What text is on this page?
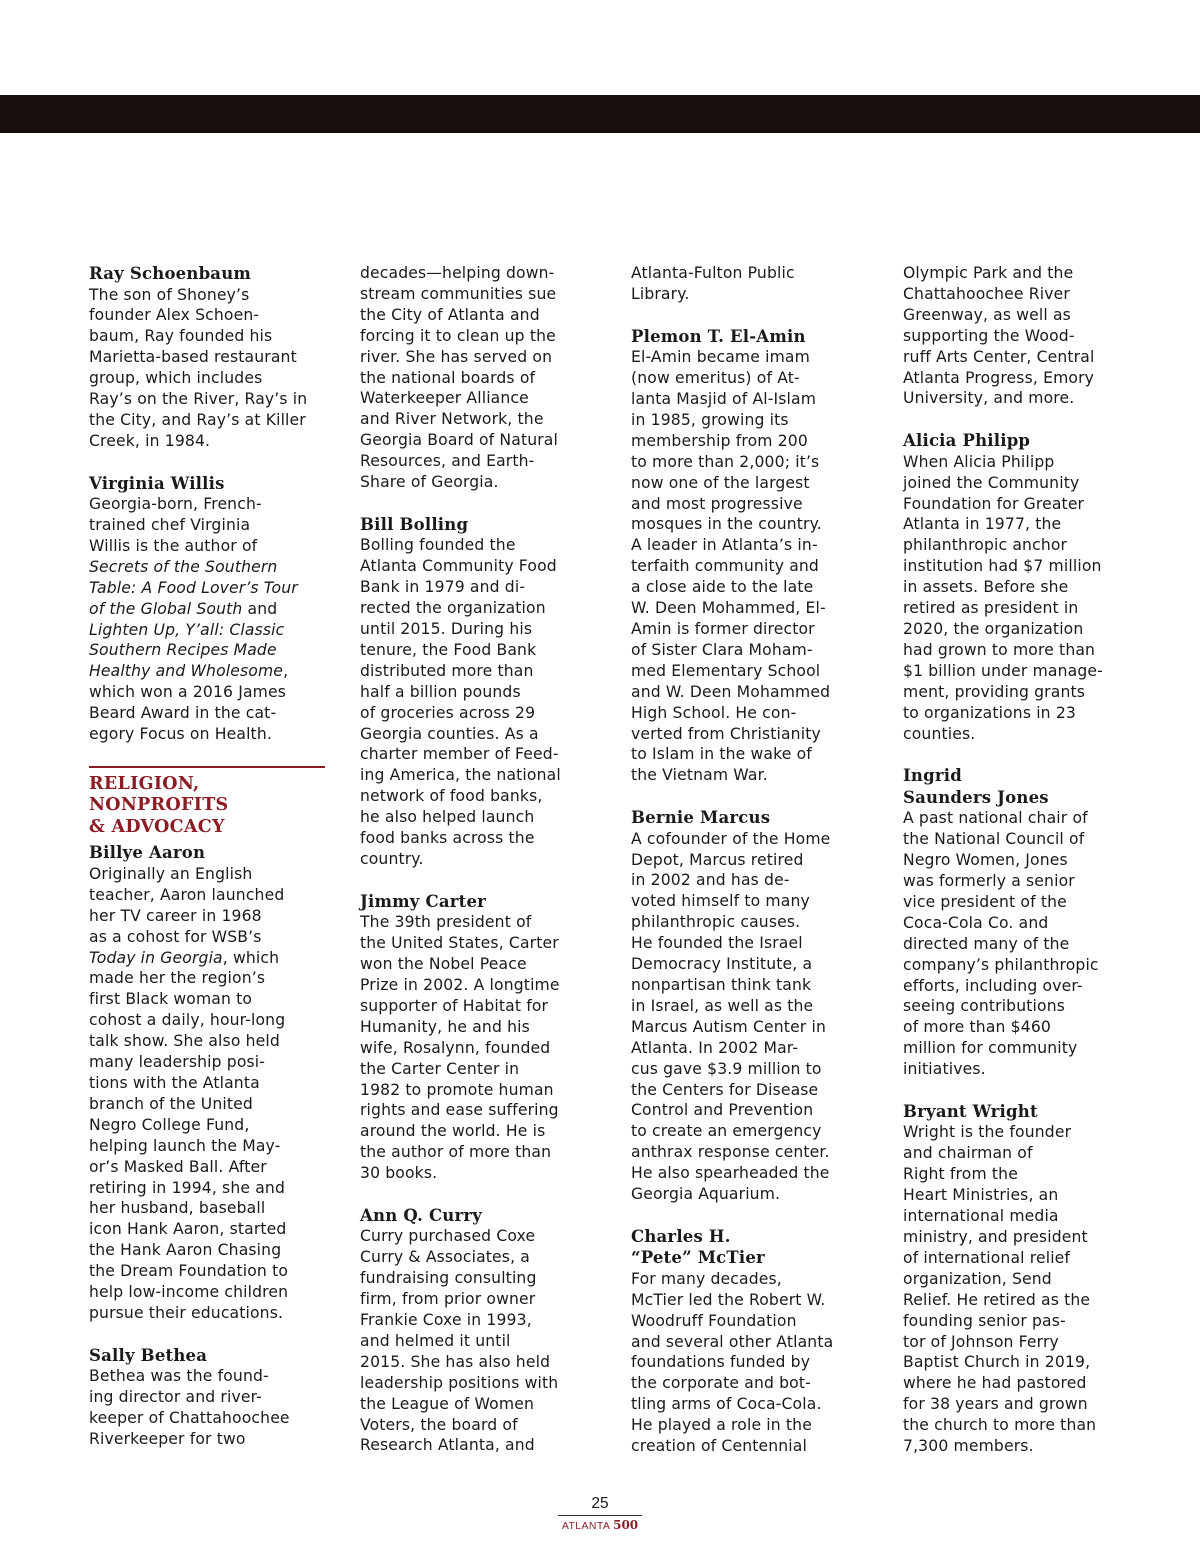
Ray Schoenbaum
The son of Shoney’s
founder Alex Schoen-
baum, Ray founded his
Marietta-based restaurant
group, which includes
Ray’s on the River, Ray’s in
the City, and Ray’s at Killer
Creek, in 1984.
Virginia Willis
Georgia-born, French-
trained chef Virginia
Willis is the author of
Secrets of the Southern
Table: A Food Lover’s Tour
of the Global South and
Lighten Up, Y’all: Classic
Southern Recipes Made
Healthy and Wholesome,
which won a 2016 James
Beard Award in the cat-
egory Focus on Health.
RELIGION,
NONPROFITS
& ADVOCACY
Billye Aaron
Originally an English
teacher, Aaron launched
her TV career in 1968
as a cohost for WSB’s
Today in Georgia, which
made her the region’s
first Black woman to
cohost a daily, hour-long
talk show. She also held
many leadership posi-
tions with the Atlanta
branch of the United
Negro College Fund,
helping launch the May-
or’s Masked Ball. After
retiring in 1994, she and
her husband, baseball
icon Hank Aaron, started
the Hank Aaron Chasing
the Dream Foundation to
help low-income children
pursue their educations.
Sally Bethea
Bethea was the found-
ing director and river-
keeper of Chattahoochee
Riverkeeper for two
decades—helping down-
stream communities sue
the City of Atlanta and
forcing it to clean up the
river. She has served on
the national boards of
Waterkeeper Alliance
and River Network, the
Georgia Board of Natural
Resources, and Earth-
Share of Georgia.
Bill Bolling
Bolling founded the
Atlanta Community Food
Bank in 1979 and di-
rected the organization
until 2015. During his
tenure, the Food Bank
distributed more than
half a billion pounds
of groceries across 29
Georgia counties. As a
charter member of Feed-
ing America, the national
network of food banks,
he also helped launch
food banks across the
country.
Jimmy Carter
The 39th president of
the United States, Carter
won the Nobel Peace
Prize in 2002. A longtime
supporter of Habitat for
Humanity, he and his
wife, Rosalynn, founded
the Carter Center in
1982 to promote human
rights and ease suffering
around the world. He is
the author of more than
30 books.
Ann Q. Curry
Curry purchased Coxe
Curry & Associates, a
fundraising consulting
firm, from prior owner
Frankie Coxe in 1993,
and helmed it until
2015. She has also held
leadership positions with
the League of Women
Voters, the board of
Research Atlanta, and
Atlanta-Fulton Public
Library.
Plemon T. El-Amin
El-Amin became imam
(now emeritus) of At-
lanta Masjid of Al-Islam
in 1985, growing its
membership from 200
to more than 2,000; it’s
now one of the largest
and most progressive
mosques in the country.
A leader in Atlanta’s in-
terfaith community and
a close aide to the late
W. Deen Mohammed, El-
Amin is former director
of Sister Clara Moham-
med Elementary School
and W. Deen Mohammed
High School. He con-
verted from Christianity
to Islam in the wake of
the Vietnam War.
Bernie Marcus
A cofounder of the Home
Depot, Marcus retired
in 2002 and has de-
voted himself to many
philanthropic causes.
He founded the Israel
Democracy Institute, a
nonpartisan think tank
in Israel, as well as the
Marcus Autism Center in
Atlanta. In 2002 Mar-
cus gave $3.9 million to
the Centers for Disease
Control and Prevention
to create an emergency
anthrax response center.
He also spearheaded the
Georgia Aquarium.
Charles H.
“Pete” McTier
For many decades,
McTier led the Robert W.
Woodruff Foundation
and several other Atlanta
foundations funded by
the corporate and bot-
tling arms of Coca-Cola.
He played a role in the
creation of Centennial
Olympic Park and the
Chattahoochee River
Greenway, as well as
supporting the Wood-
ruff Arts Center, Central
Atlanta Progress, Emory
University, and more.
Alicia Philipp
When Alicia Philipp
joined the Community
Foundation for Greater
Atlanta in 1977, the
philanthropic anchor
institution had $7 million
in assets. Before she
retired as president in
2020, the organization
had grown to more than
$1 billion under manage-
ment, providing grants
to organizations in 23
counties.
Ingrid
Saunders Jones
A past national chair of
the National Council of
Negro Women, Jones
was formerly a senior
vice president of the
Coca-Cola Co. and
directed many of the
company’s philanthropic
efforts, including over-
seeing contributions
of more than $460
million for community
initiatives.
Bryant Wright
Wright is the founder
and chairman of
Right from the
Heart Ministries, an
international media
ministry, and president
of international relief
organization, Send
Relief. He retired as the
founding senior pas-
tor of Johnson Ferry
Baptist Church in 2019,
where he had pastored
for 38 years and grown
the church to more than
7,300 members.
25
ATLANTA 500
